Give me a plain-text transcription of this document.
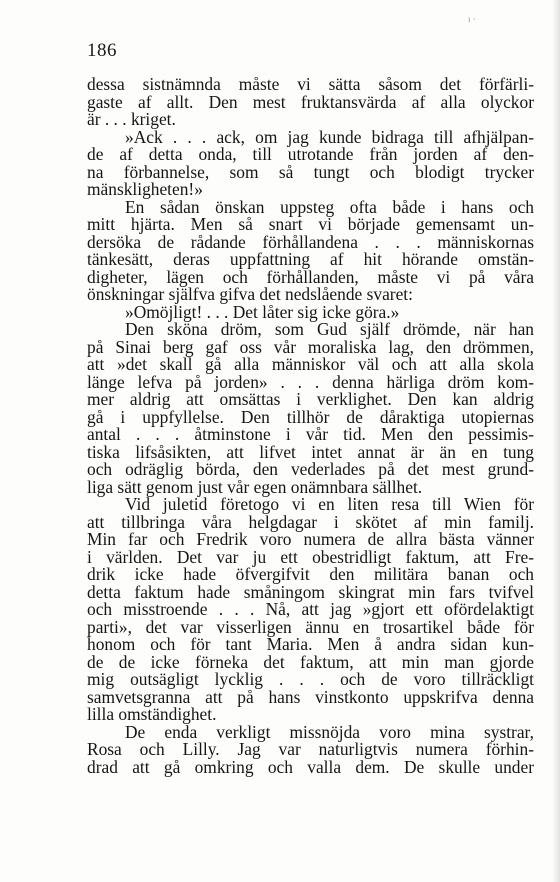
ı ·
186
dessa sistnämnda måste vi sätta såsom det förfärli-
gaste af allt. Den mest fruktansvärda af alla olyckor
är . . . kriget.
»Ack . . . ack, om jag kunde bidraga till afhjälpan-
de af detta onda, till utrotande från jorden af den-
na förbannelse, som så tungt och blodigt trycker
mänskligheten!»
En sådan önskan uppsteg ofta både i hans och
mitt hjärta. Men så snart vi började gemensamt un-
dersöka de rådande förhållandena . . . människornas
tänkesätt, deras uppfattning af hit hörande omstän-
digheter, lägen och förhållanden, måste vi på våra
önskningar själfva gifva det nedslående svaret:
»Omöjligt! . . . Det låter sig icke göra.»
Den sköna dröm, som Gud själf drömde, när han
på Sinai berg gaf oss vår moraliska lag, den drömmen,
att »det skall gå alla människor väl och att alla skola
länge lefva på jorden» . . . denna härliga dröm kom-
mer aldrig att omsättas i verklighet. Den kan aldrig
gå i uppfyllelse. Den tillhör de dåraktiga utopiernas
antal . . . åtminstone i vår tid. Men den pessimis-
tiska lifsåsikten, att lifvet intet annat är än en tung
och odräglig börda, den vederlades på det mest grund-
liga sätt genom just vår egen onämnbara sällhet.
Vid juletid företogo vi en liten resa till Wien för
att tillbringa våra helgdagar i skötet af min familj.
Min far och Fredrik voro numera de allra bästa vänner
i världen. Det var ju ett obestridligt faktum, att Fre-
drik icke hade öfvergifvit den militära banan och
detta faktum hade småningom skingrat min fars tvifvel
och misstroende . . . Nå, att jag »gjort ett ofördelaktigt
parti», det var visserligen ännu en trosartikel både för
honom och för tant Maria. Men å andra sidan kun-
de de icke förneka det faktum, att min man gjorde
mig outsägligt lycklig . . . och de voro tillräckligt
samvetsgranna att på hans vinstkonto uppskrifva denna
lilla omständighet.
De enda verkligt missnöjda voro mina systrar,
Rosa och Lilly. Jag var naturligtvis numera förhin-
drad att gå omkring och valla dem. De skulle under
